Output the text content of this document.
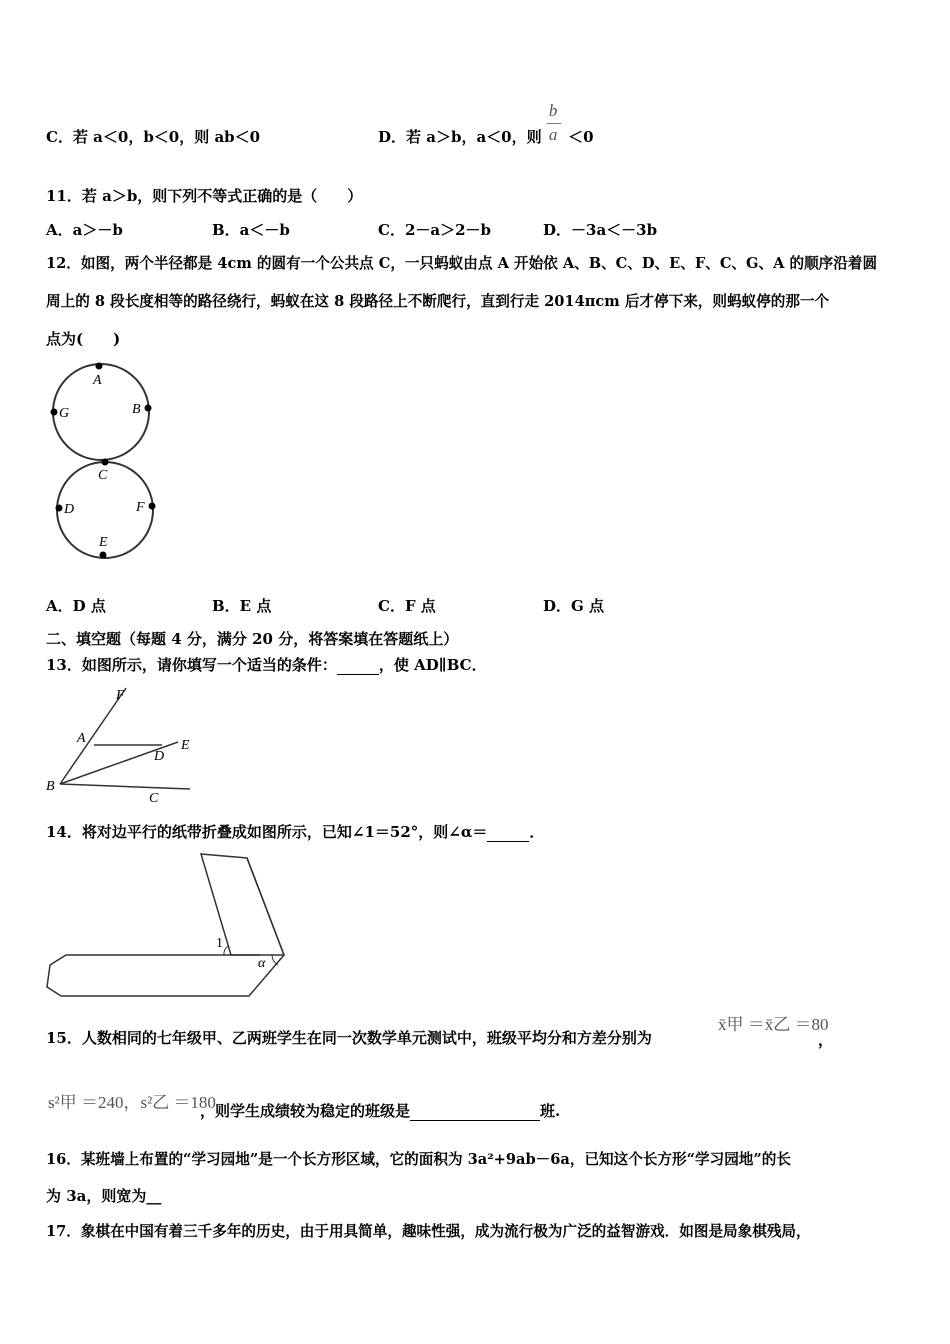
C．若 a＜0，b＜0，则 ab＜0	D．若 a＞b，a＜0，则 $\frac{b}{a} <0$
11．若 a＞b，则下列不等式正确的是（　　）
A．a＞－b	B．a＜－b	C．2－a＞2－b	D．－3a＜－3b
12．如图，两个半径都是 4cm 的圆有一个公共点 C，一只蚂蚁由点 A 开始依 A、B、C、D、E、F、C、G、A 的顺序沿着圆
周上的 8 段长度相等的路径绕行，蚂蚁在这 8 段路径上不断爬行，直到行走 2014πcm 后才停下来，则蚂蚁停的那一个
点为(　　)
A
B
G
C
D	F
E
A．D 点	B．E 点	C．F 点	D．G 点
二、填空题（每题 4 分，满分 20 分，将答案填在答题纸上）
13．如图所示，请你填写一个适当的条件：	，使 AD∥BC．
F
A	E
D
B
C
14．将对边平行的纸带折叠成如图所示，已知∠1＝52°，则∠α＝	．
1
α
15．人数相同的七年级甲、乙两班学生在同一次数学单元测试中，班级平均分和方差分别为
x̄甲 ＝x̄乙 ＝80
，
s²甲 ＝240，s²乙 ＝180
，则学生成绩较为稳定的班级是	班.
16．某班墙上布置的“学习园地”是一个长方形区域，它的面积为 3a²+9ab－6a，已知这个长方形“学习园地”的长
为 3a，则宽为__
17．象棋在中国有着三千多年的历史，由于用具简单，趣味性强，成为流行极为广泛的益智游戏．如图是局象棋残局，
